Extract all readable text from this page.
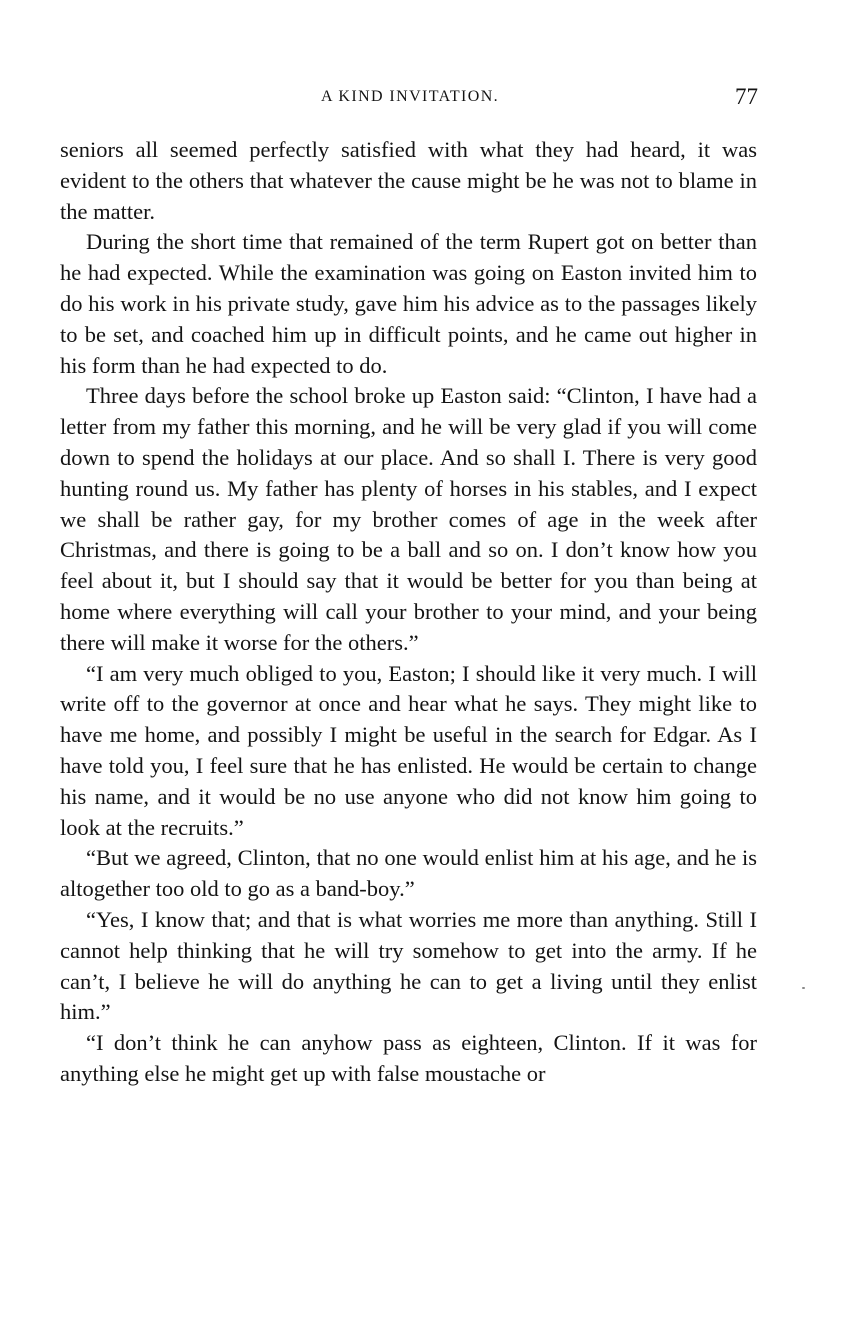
A KIND INVITATION.	77

seniors all seemed perfectly satisfied with what they had heard, it was evident to the others that whatever the cause might be he was not to blame in the matter.

During the short time that remained of the term Rupert got on better than he had expected. While the examination was going on Easton invited him to do his work in his private study, gave him his advice as to the passages likely to be set, and coached him up in difficult points, and he came out higher in his form than he had expected to do.

Three days before the school broke up Easton said: “Clinton, I have had a letter from my father this morning, and he will be very glad if you will come down to spend the holidays at our place. And so shall I. There is very good hunting round us. My father has plenty of horses in his stables, and I expect we shall be rather gay, for my brother comes of age in the week after Christmas, and there is going to be a ball and so on. I don’t know how you feel about it, but I should say that it would be better for you than being at home where everything will call your brother to your mind, and your being there will make it worse for the others.”

“I am very much obliged to you, Easton; I should like it very much. I will write off to the governor at once and hear what he says. They might like to have me home, and possibly I might be useful in the search for Edgar. As I have told you, I feel sure that he has enlisted. He would be certain to change his name, and it would be no use anyone who did not know him going to look at the recruits.”

“But we agreed, Clinton, that no one would enlist him at his age, and he is altogether too old to go as a band-boy.”

“Yes, I know that; and that is what worries me more than anything. Still I cannot help thinking that he will try somehow to get into the army. If he can’t, I believe he will do anything he can to get a living until they enlist him.”

“I don’t think he can anyhow pass as eighteen, Clinton. If it was for anything else he might get up with false moustache or
